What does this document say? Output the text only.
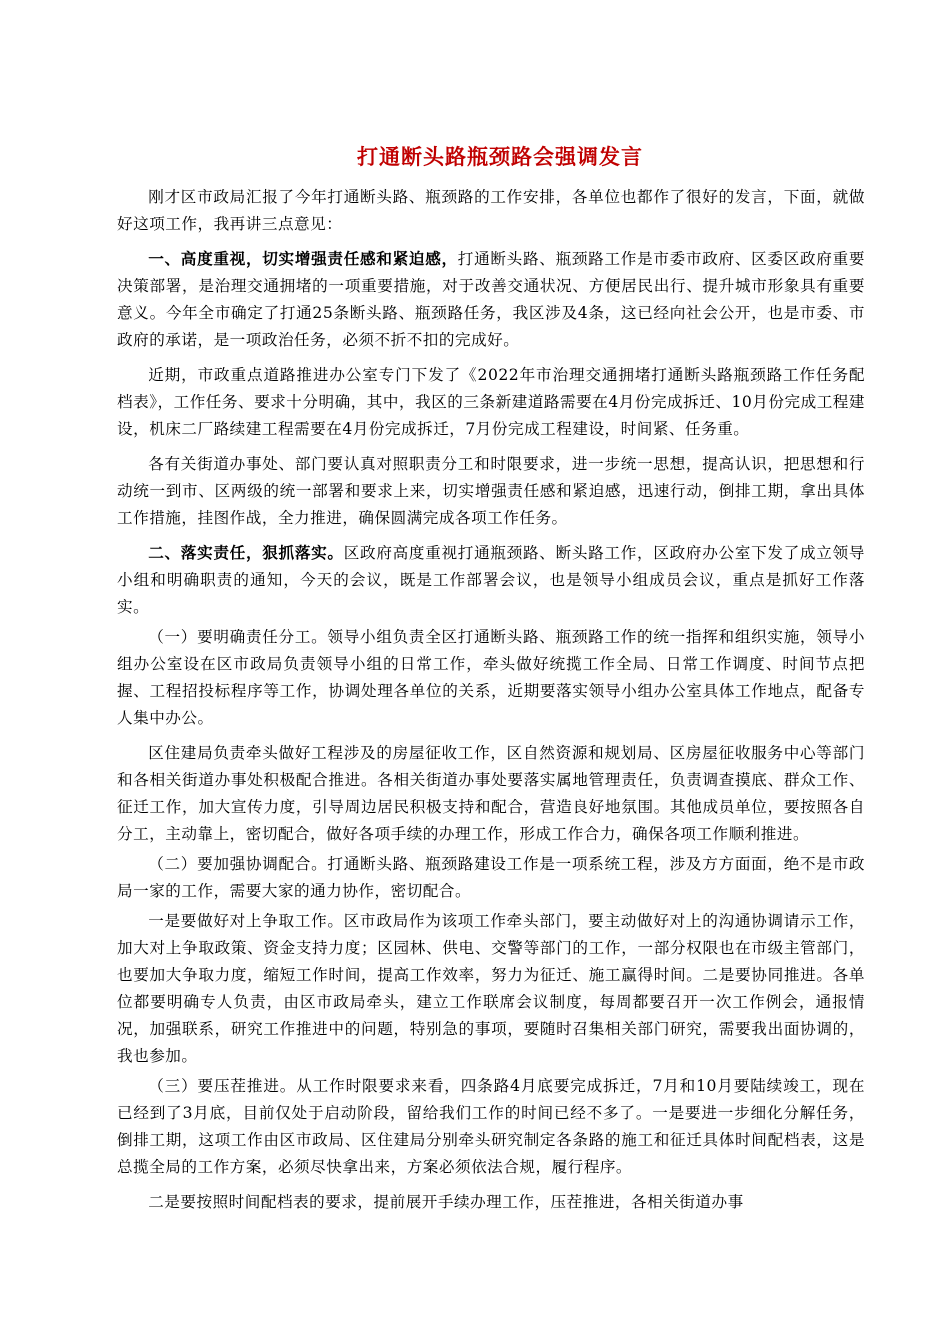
打通断头路瓶颈路会强调发言

刚才区市政局汇报了今年打通断头路、瓶颈路的工作安排，各单位也都作了很好的发言，下面，就做好这项工作，我再讲三点意见：

一、高度重视，切实增强责任感和紧迫感，打通断头路、瓶颈路工作是市委市政府、区委区政府重要决策部署，是治理交通拥堵的一项重要措施，对于改善交通状况、方便居民出行、提升城市形象具有重要意义。今年全市确定了打通25条断头路、瓶颈路任务，我区涉及4条，这已经向社会公开，也是市委、市政府的承诺，是一项政治任务，必须不折不扣的完成好。

近期，市政重点道路推进办公室专门下发了《2022年市治理交通拥堵打通断头路瓶颈路工作任务配档表》，工作任务、要求十分明确，其中，我区的三条新建道路需要在4月份完成拆迁、10月份完成工程建设，机床二厂路续建工程需要在4月份完成拆迁，7月份完成工程建设，时间紧、任务重。

各有关街道办事处、部门要认真对照职责分工和时限要求，进一步统一思想，提高认识，把思想和行动统一到市、区两级的统一部署和要求上来，切实增强责任感和紧迫感，迅速行动，倒排工期，拿出具体工作措施，挂图作战，全力推进，确保圆满完成各项工作任务。

二、落实责任，狠抓落实。区政府高度重视打通瓶颈路、断头路工作，区政府办公室下发了成立领导小组和明确职责的通知，今天的会议，既是工作部署会议，也是领导小组成员会议，重点是抓好工作落实。

（一）要明确责任分工。领导小组负责全区打通断头路、瓶颈路工作的统一指挥和组织实施，领导小组办公室设在区市政局负责领导小组的日常工作，牵头做好统揽工作全局、日常工作调度、时间节点把握、工程招投标程序等工作，协调处理各单位的关系，近期要落实领导小组办公室具体工作地点，配备专人集中办公。

区住建局负责牵头做好工程涉及的房屋征收工作，区自然资源和规划局、区房屋征收服务中心等部门和各相关街道办事处积极配合推进。各相关街道办事处要落实属地管理责任，负责调查摸底、群众工作、征迁工作，加大宣传力度，引导周边居民积极支持和配合，营造良好地氛围。其他成员单位，要按照各自分工，主动靠上，密切配合，做好各项手续的办理工作，形成工作合力，确保各项工作顺利推进。

（二）要加强协调配合。打通断头路、瓶颈路建设工作是一项系统工程，涉及方方面面，绝不是市政局一家的工作，需要大家的通力协作，密切配合。

一是要做好对上争取工作。区市政局作为该项工作牵头部门，要主动做好对上的沟通协调请示工作，加大对上争取政策、资金支持力度；区园林、供电、交警等部门的工作，一部分权限也在市级主管部门，也要加大争取力度，缩短工作时间，提高工作效率，努力为征迁、施工赢得时间。二是要协同推进。各单位都要明确专人负责，由区市政局牵头，建立工作联席会议制度，每周都要召开一次工作例会，通报情况，加强联系，研究工作推进中的问题，特别急的事项，要随时召集相关部门研究，需要我出面协调的，我也参加。

（三）要压茬推进。从工作时限要求来看，四条路4月底要完成拆迁，7月和10月要陆续竣工，现在已经到了3月底，目前仅处于启动阶段，留给我们工作的时间已经不多了。一是要进一步细化分解任务，倒排工期，这项工作由区市政局、区住建局分别牵头研究制定各条路的施工和征迁具体时间配档表，这是总揽全局的工作方案，必须尽快拿出来，方案必须依法合规，履行程序。

二是要按照时间配档表的要求，提前展开手续办理工作，压茬推进，各相关街道办事
